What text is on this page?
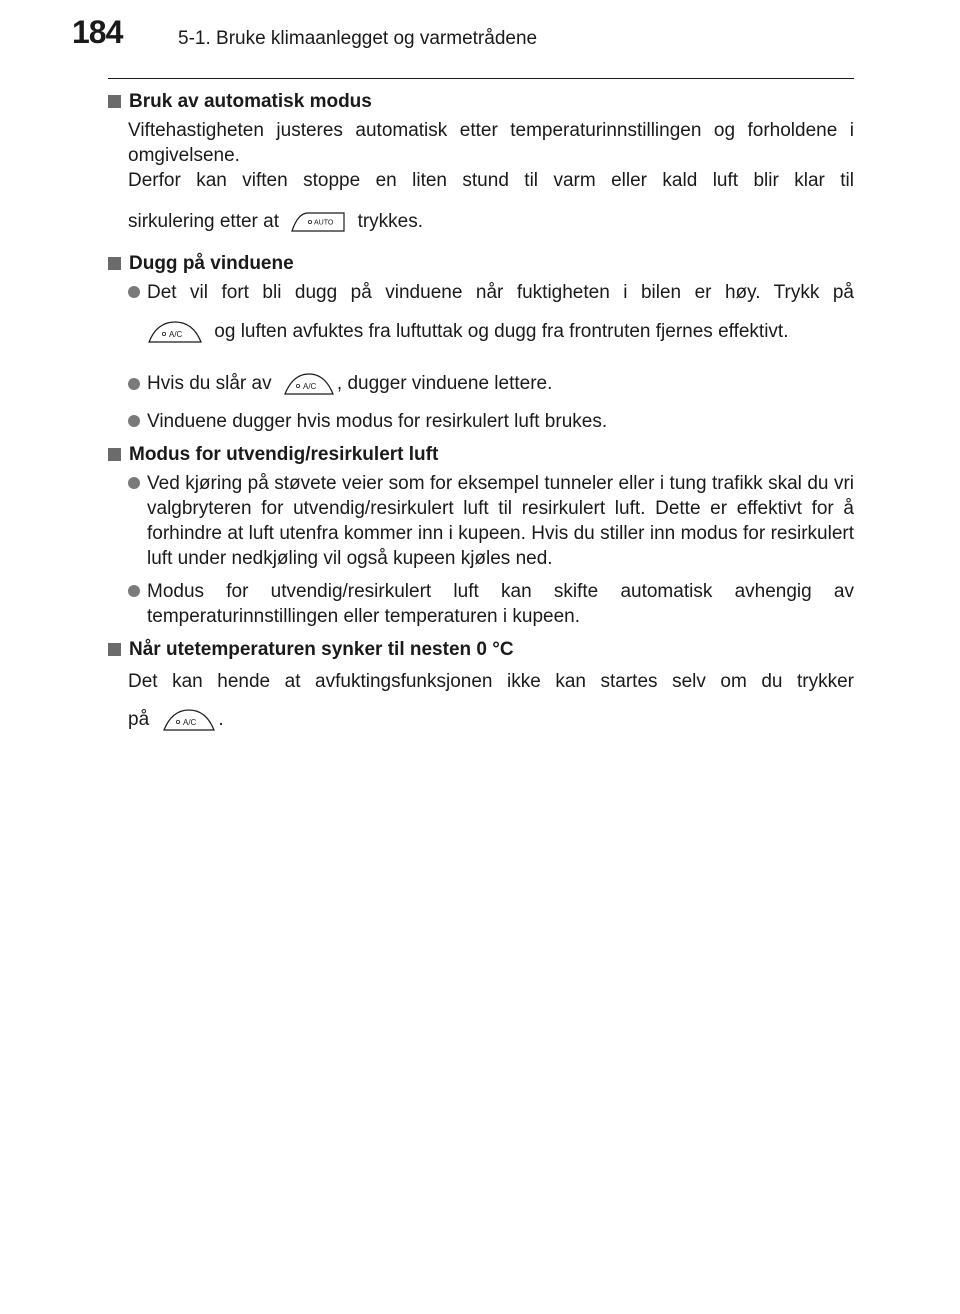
184	5-1. Bruke klimaanlegget og varmetrådene
Bruk av automatisk modus
Viftehastigheten justeres automatisk etter temperaturinnstillingen og forholdene i omgivelsene.
Derfor kan viften stoppe en liten stund til varm eller kald luft blir klar til
sirkulering etter at	AUTO trykkes.
Dugg på vinduene
Det vil fort bli dugg på vinduene når fuktigheten i bilen er høy. Trykk på
A/C og luften avfuktes fra luftuttak og dugg fra frontruten fjernes effektivt.
Hvis du slår av	A/C , dugger vinduene lettere.
Vinduene dugger hvis modus for resirkulert luft brukes.
Modus for utvendig/resirkulert luft
Ved kjøring på støvete veier som for eksempel tunneler eller i tung trafikk skal du vri valgbryteren for utvendig/resirkulert luft til resirkulert luft. Dette er effektivt for å forhindre at luft utenfra kommer inn i kupeen. Hvis du stiller inn modus for resirkulert luft under nedkjøling vil også kupeen kjøles ned.
Modus for utvendig/resirkulert luft kan skifte automatisk avhengig av temperaturinnstillingen eller temperaturen i kupeen.
Når utetemperaturen synker til nesten 0 °C
Det kan hende at avfuktingsfunksjonen ikke kan startes selv om du trykker
på	A/C .
